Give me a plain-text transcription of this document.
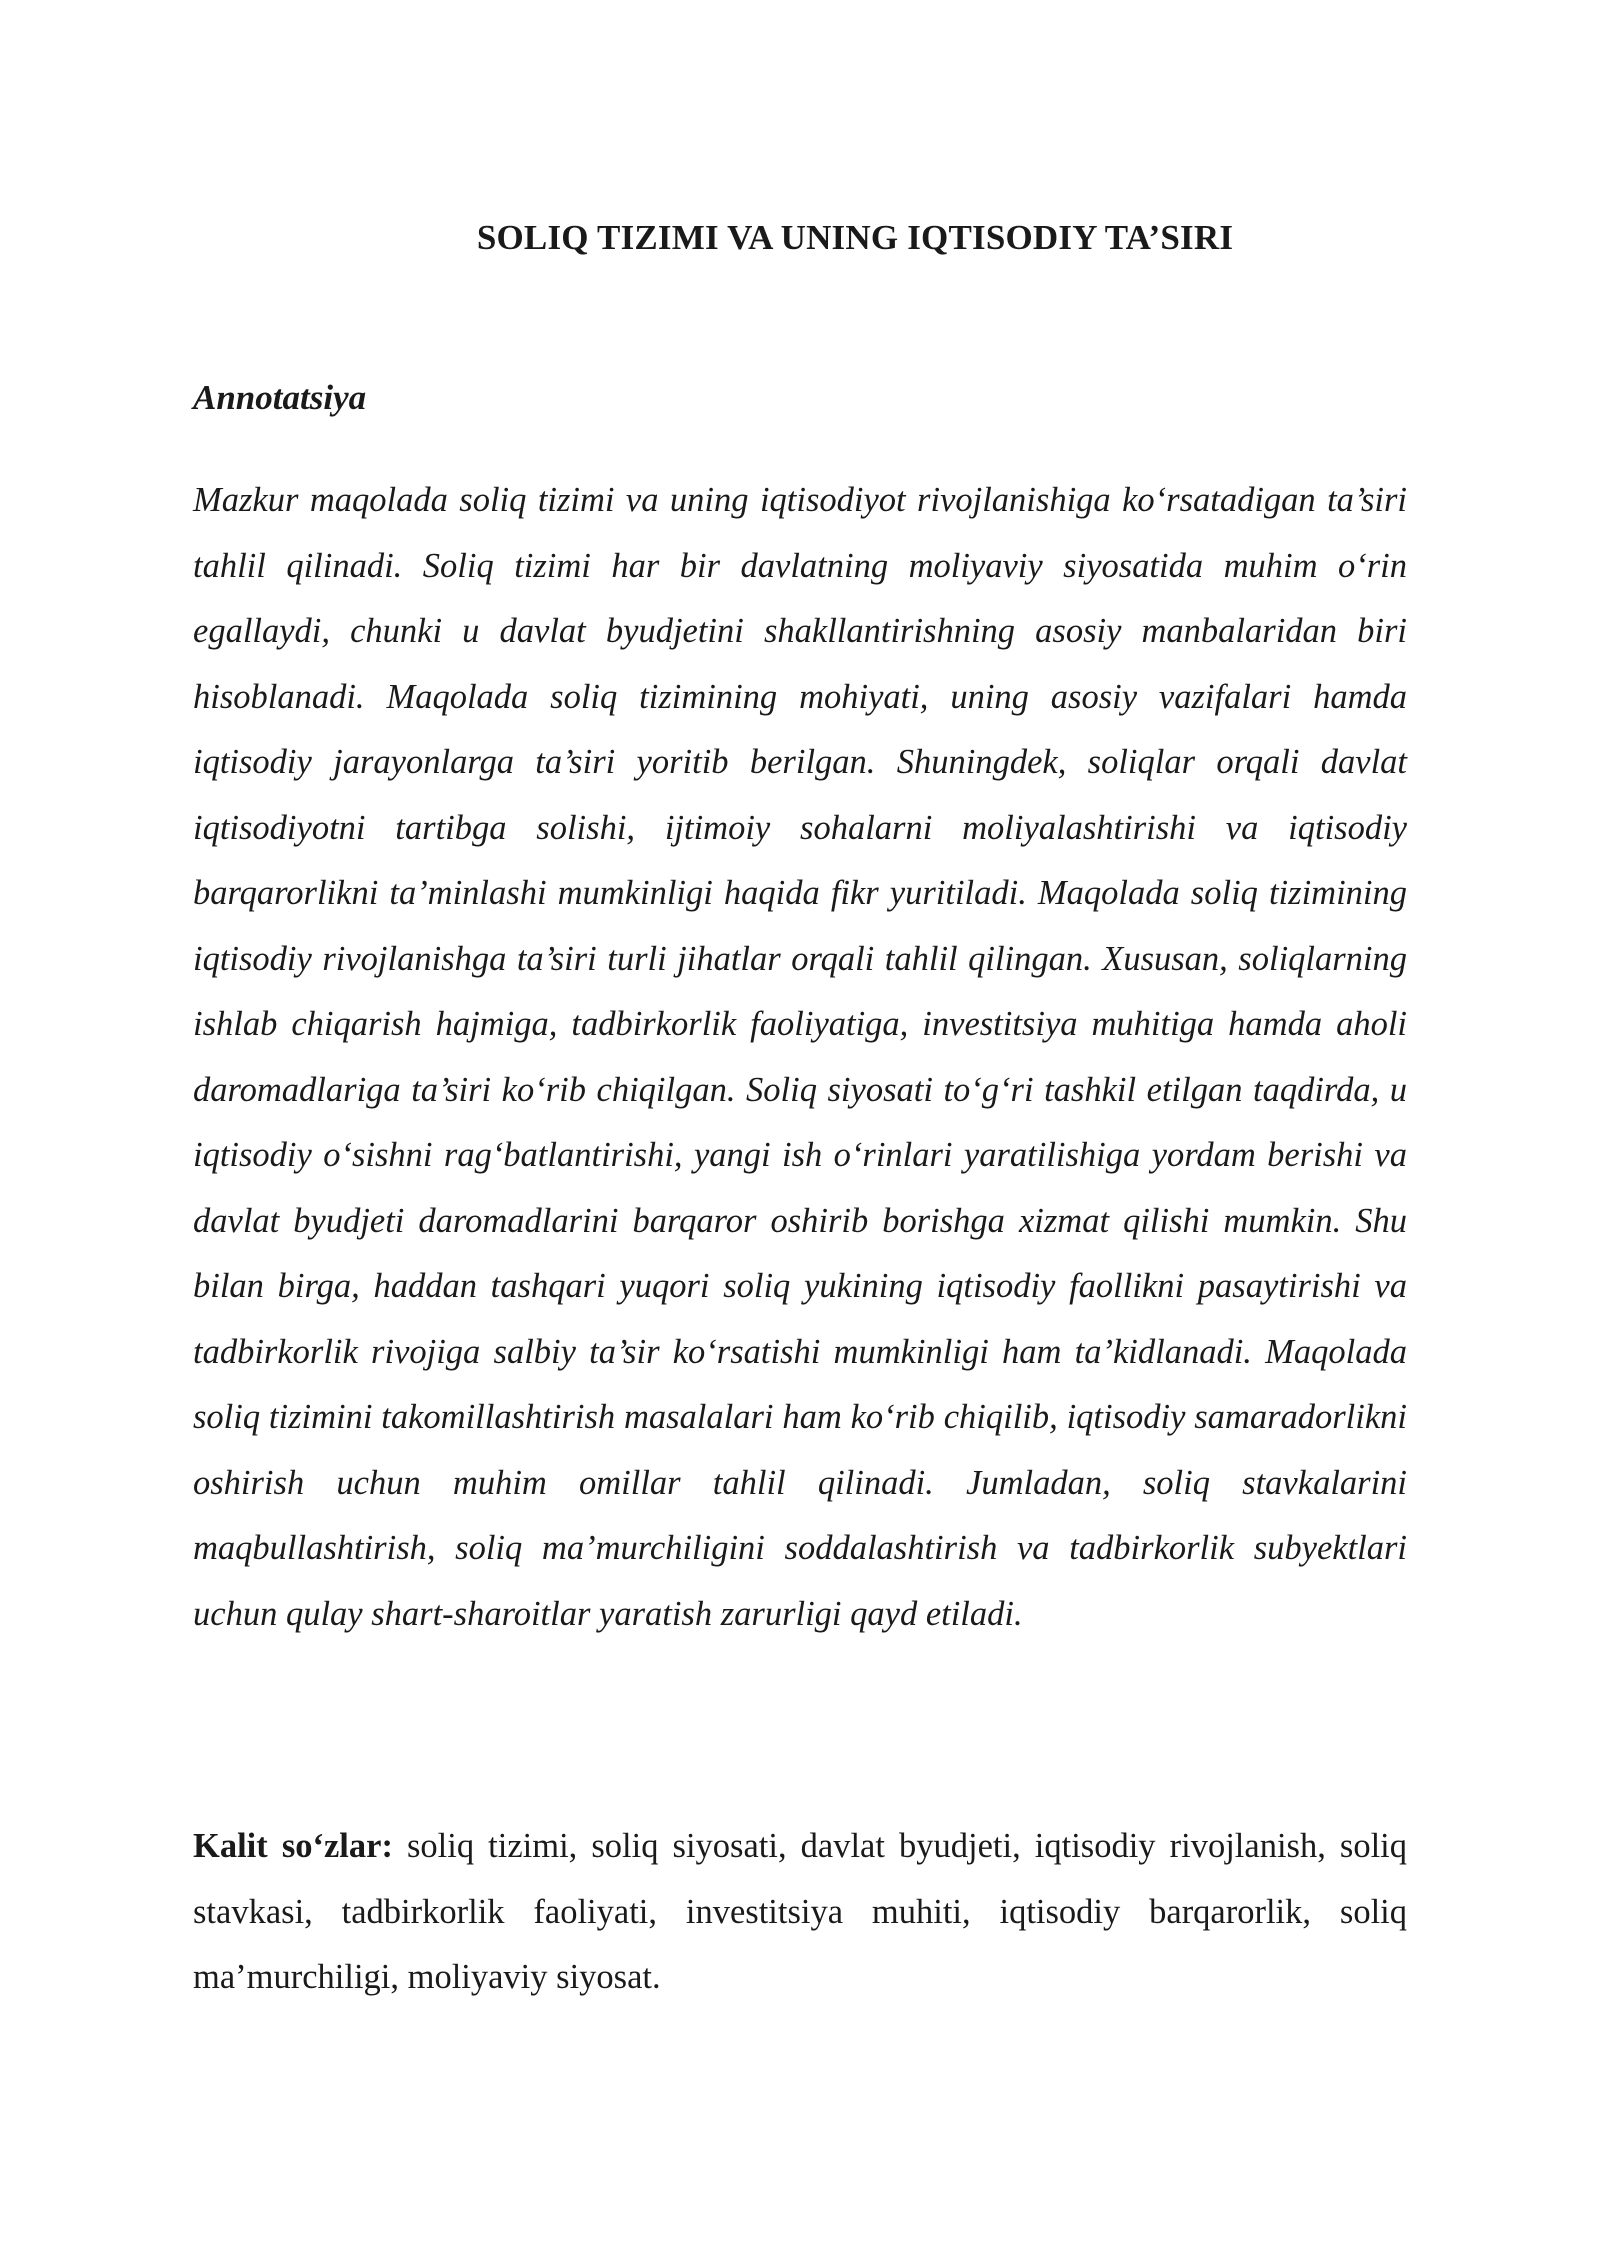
SOLIQ TIZIMI VA UNING IQTISODIY TA’SIRI
Annotatsiya

Mazkur maqolada soliq tizimi va uning iqtisodiyot rivojlanishiga ko‘rsatadigan ta’siri tahlil qilinadi. Soliq tizimi har bir davlatning moliyaviy siyosatida muhim o‘rin egallaydi, chunki u davlat byudjetini shakllantirishning asosiy manbalaridan biri hisoblanadi. Maqolada soliq tizimining mohiyati, uning asosiy vazifalari hamda iqtisodiy jarayonlarga ta’siri yoritib berilgan. Shuningdek, soliqlar orqali davlat iqtisodiyotni tartibga solishi, ijtimoiy sohalarni moliyalashtirishi va iqtisodiy barqarorlikni ta’minlashi mumkinligi haqida fikr yuritiladi. Maqolada soliq tizimining iqtisodiy rivojlanishga ta’siri turli jihatlar orqali tahlil qilingan. Xususan, soliqlarning ishlab chiqarish hajmiga, tadbirkorlik faoliyatiga, investitsiya muhitiga hamda aholi daromadlariga ta’siri ko‘rib chiqilgan. Soliq siyosati to‘g‘ri tashkil etilgan taqdirda, u iqtisodiy o‘sishni rag‘batlantirishi, yangi ish o‘rinlari yaratilishiga yordam berishi va davlat byudjeti daromadlarini barqaror oshirib borishga xizmat qilishi mumkin. Shu bilan birga, haddan tashqari yuqori soliq yukining iqtisodiy faollikni pasaytirishi va tadbirkorlik rivojiga salbiy ta’sir ko‘rsatishi mumkinligi ham ta’kidlanadi. Maqolada soliq tizimini takomillashtirish masalalari ham ko‘rib chiqilib, iqtisodiy samaradorlikni oshirish uchun muhim omillar tahlil qilinadi. Jumladan, soliq stavkalarini maqbullashtirish, soliq ma’murchiligini soddalashtirish va tadbirkorlik subyektlari uchun qulay shart-sharoitlar yaratish zarurligi qayd etiladi.

Kalit so‘zlar: soliq tizimi, soliq siyosati, davlat byudjeti, iqtisodiy rivojlanish, soliq stavkasi, tadbirkorlik faoliyati, investitsiya muhiti, iqtisodiy barqarorlik, soliq ma’murchiligi, moliyaviy siyosat.
